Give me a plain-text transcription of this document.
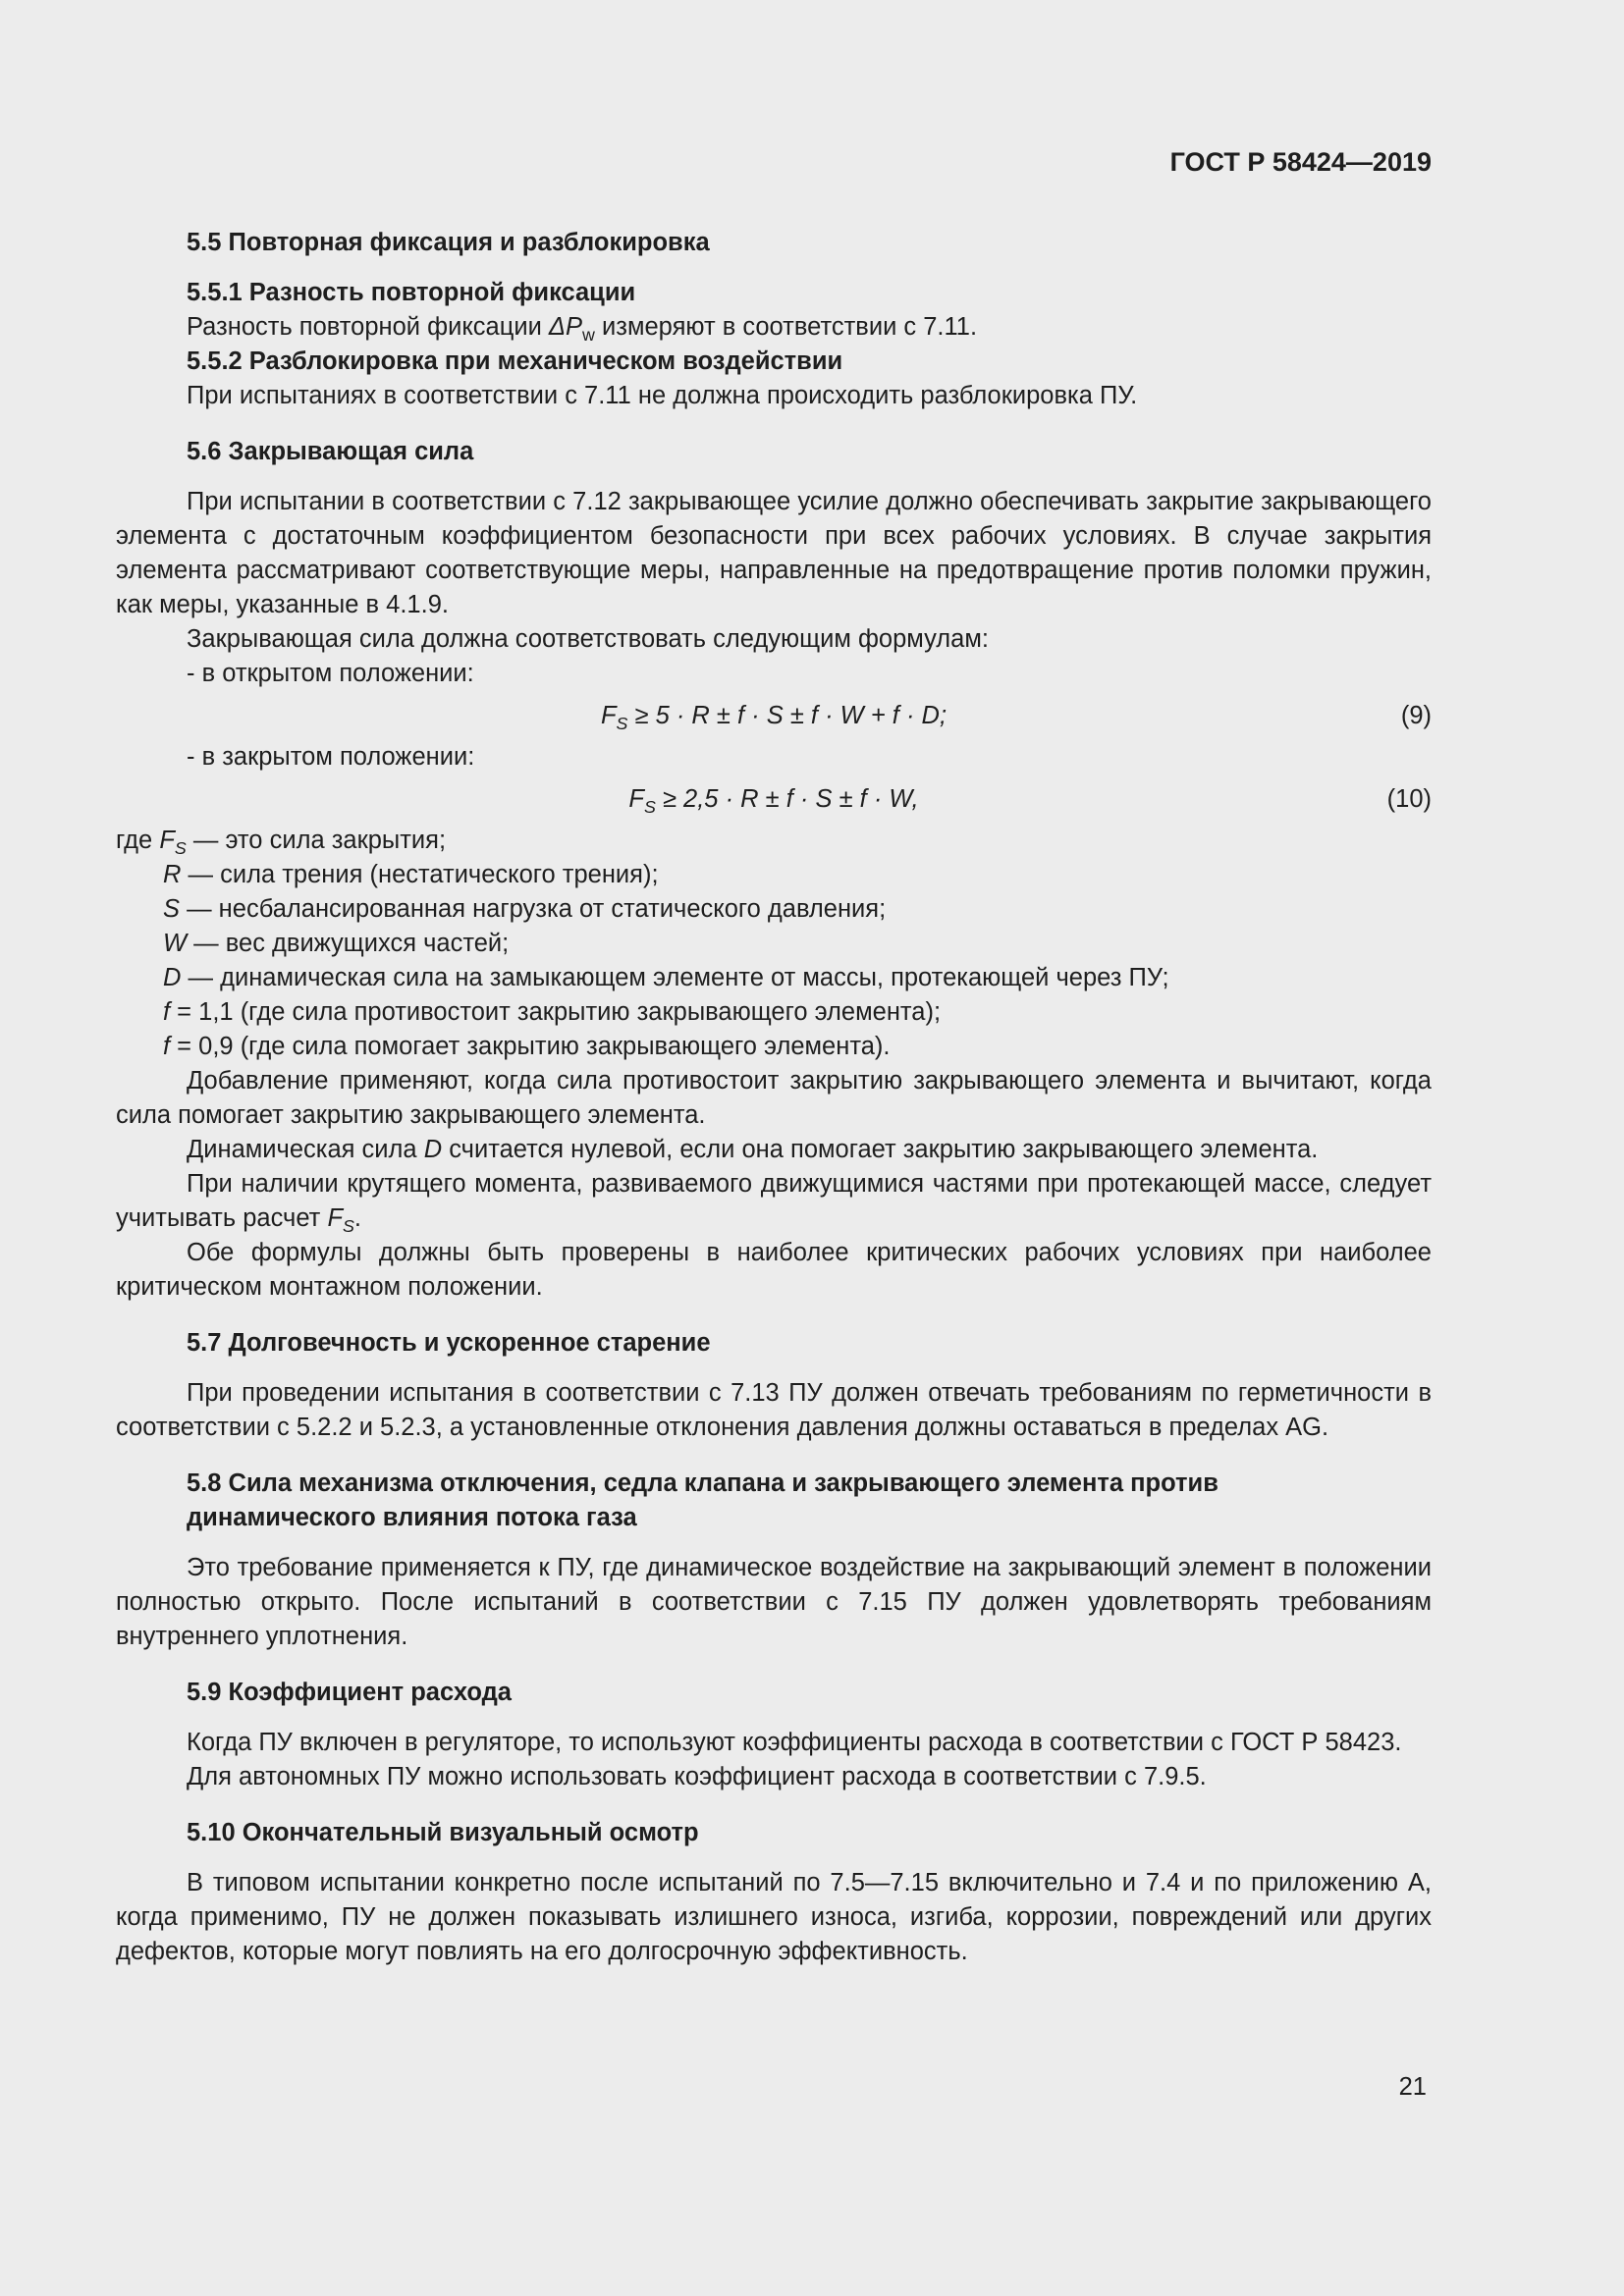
ГОСТ Р 58424—2019

5.5 Повторная фиксация и разблокировка

5.5.1 Разность повторной фиксации

Разность повторной фиксации $\Delta P_w$ измеряют в соответствии с 7.11.

5.5.2 Разблокировка при механическом воздействии

При испытаниях в соответствии с 7.11 не должна происходить разблокировка ПУ.

5.6 Закрывающая сила

При испытании в соответствии с 7.12 закрывающее усилие должно обеспечивать закрытие закрывающего элемента с достаточным коэффициентом безопасности при всех рабочих условиях. В случае закрытия элемента рассматривают соответствующие меры, направленные на предотвращение против поломки пружин, как меры, указанные в 4.1.9.

Закрывающая сила должна соответствовать следующим формулам:

- в открытом положении:

$F_S \ge 5 \cdot R \pm f \cdot S \pm f \cdot W + f \cdot D$;	(9)

- в закрытом положении:

$F_S \ge 2,5 \cdot R \pm f \cdot S \pm f \cdot W$,	(10)

где $F_S$ — это сила закрытия;

R — сила трения (нестатического трения);

S — несбалансированная нагрузка от статического давления;

W — вес движущихся частей;

D — динамическая сила на замыкающем элементе от массы, протекающей через ПУ;

f = 1,1 (где сила противостоит закрытию закрывающего элемента);

f = 0,9 (где сила помогает закрытию закрывающего элемента).

Добавление применяют, когда сила противостоит закрытию закрывающего элемента и вычитают, когда сила помогает закрытию закрывающего элемента.

Динамическая сила D считается нулевой, если она помогает закрытию закрывающего элемента.

При наличии крутящего момента, развиваемого движущимися частями при протекающей массе, следует учитывать расчет $F_S$.

Обе формулы должны быть проверены в наиболее критических рабочих условиях при наиболее критическом монтажном положении.

5.7 Долговечность и ускоренное старение

При проведении испытания в соответствии с 7.13 ПУ должен отвечать требованиям по герметичности в соответствии с 5.2.2 и 5.2.3, а установленные отклонения давления должны оставаться в пределах AG.

5.8 Сила механизма отключения, седла клапана и закрывающего элемента против

динамического влияния потока газа

Это требование применяется к ПУ, где динамическое воздействие на закрывающий элемент в положении полностью открыто. После испытаний в соответствии с 7.15 ПУ должен удовлетворять требованиям внутреннего уплотнения.

5.9 Коэффициент расхода

Когда ПУ включен в регуляторе, то используют коэффициенты расхода в соответствии с ГОСТ Р 58423.

Для автономных ПУ можно использовать коэффициент расхода в соответствии с 7.9.5.

5.10 Окончательный визуальный осмотр

В типовом испытании конкретно после испытаний по 7.5—7.15 включительно и 7.4 и по приложению А, когда применимо, ПУ не должен показывать излишнего износа, изгиба, коррозии, повреждений или других дефектов, которые могут повлиять на его долгосрочную эффективность.

21
